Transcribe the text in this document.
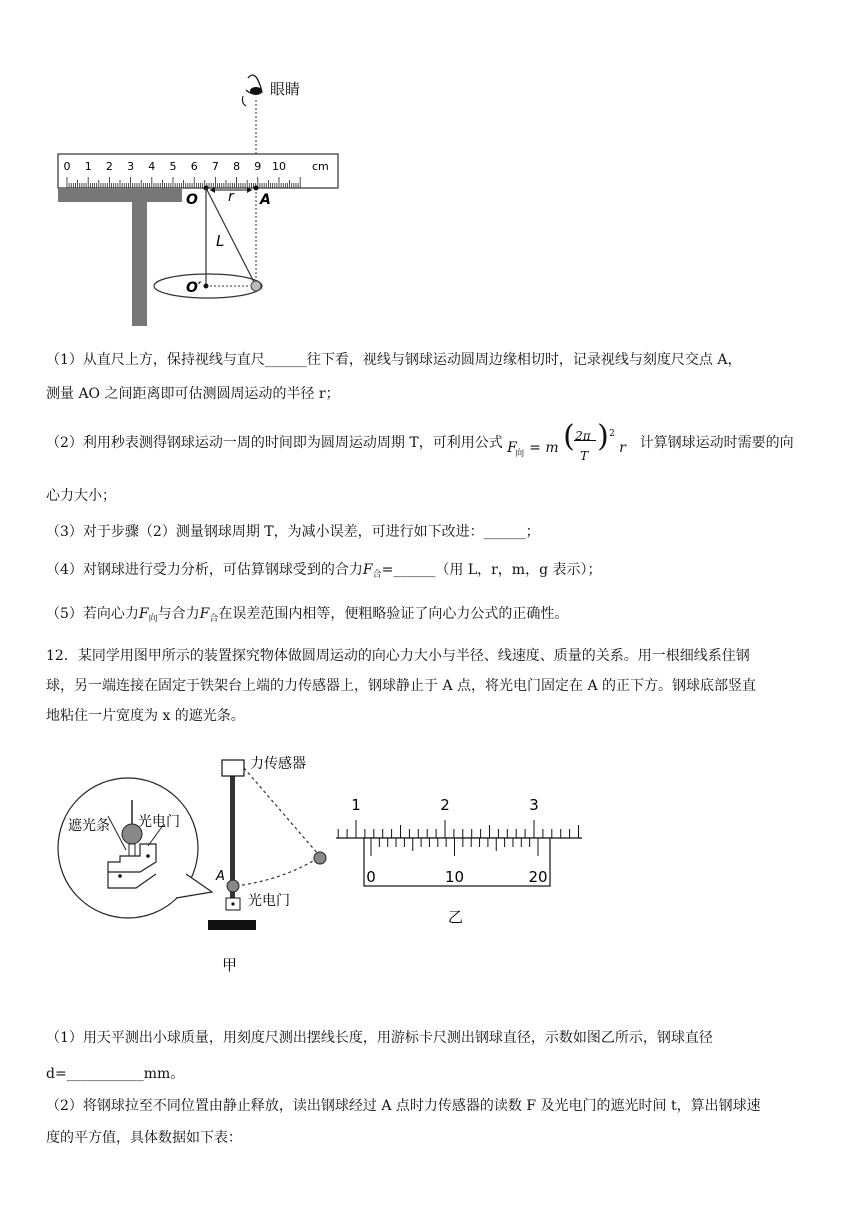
眼睛
0 1 2 3 4 5 6 7 8 9 10 cm
O	A
r
L
O′
（1）从直尺上方，保持视线与直尺______往下看，视线与钢球运动圆周边缘相切时，记录视线与刻度尺交点 A，
测量 AO 之间距离即可估测圆周运动的半径 r；
（2）利用秒表测得钢球运动一周的时间即为圆周运动周期 T，可利用公式 F
向 = m ( 2π
T
) 2
r 计算钢球运动时需要的向
心力大小；
（3）对于步骤（2）测量钢球周期 T，为减小误差，可进行如下改进：______；
（4）对钢球进行受力分析，可估算钢球受到的合力$F_合=\_\_\_\_\_\_$（用 L，r，m，g 表示）；
（5）若向心力$F_向$与合力$F_合$在误差范围内相等，便粗略验证了向心力公式的正确性。
12．某同学用图甲所示的装置探究物体做圆周运动的向心力大小与半径、线速度、质量的关系。用一根细线系住钢
球，另一端连接在固定于铁架台上端的力传感器上，钢球静止于 A 点，将光电门固定在 A 的正下方。钢球底部竖直
地粘住一片宽度为 x 的遮光条。
力传感器
A
光电门
甲
遮光条 光电门
1	2	3
0	10	20
乙
（1）用天平测出小球质量，用刻度尺测出摆线长度，用游标卡尺测出钢球直径，示数如图乙所示，钢球直径
d=___________mm。
（2）将钢球拉至不同位置由静止释放，读出钢球经过 A 点时力传感器的读数 F 及光电门的遮光时间 t，算出钢球速
度的平方值，具体数据如下表：
